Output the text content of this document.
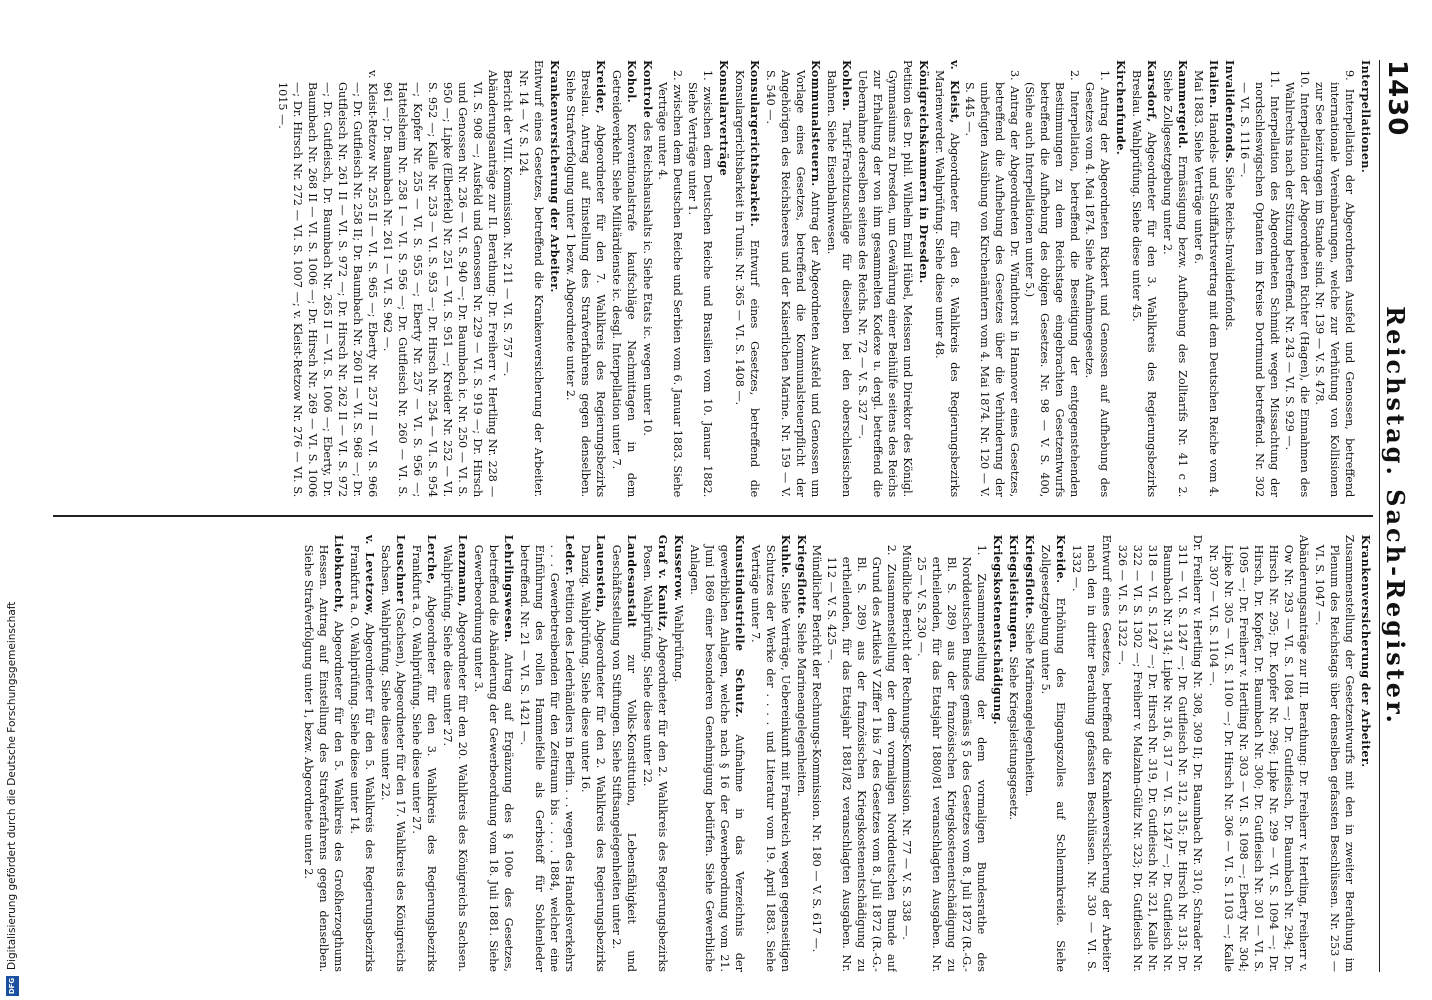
1430
Reichstag. Sach-Register.

Interpellationen.

9. Interpellation der Abgeordneten Ausfeld und Genossen, betreffend internationale Vereinbarungen, welche zur Verhütung von Kollisionen zur See beizutragen im Stande sind. Nr. 139 — V. S. 478.

10. Interpellation der Abgeordneten Richter (Hagen), die Einnahmen des Wahlrechts nach der Sitzung betreffend. Nr. 243 — VI. S. 929 —.

11. Interpellation des Abgeordneten Schmidt wegen Missachtung der nordschleswigschen Optanten im Kreise Dortmund betreffend. Nr. 302 — VI. S. 1116 —.

Invalidenfonds. Siehe Reichs-Invalidenfonds.

Italien. Handels- und Schiffahrtsvertrag mit dem Deutschen Reiche vom 4. Mai 1883. Siehe Verträge unter 6.

Kammergeld. Ermässigung bezw. Aufhebung des Zolltarifs Nr. 41 c 2. Siehe Zollgesetzgebung unter 2.

Karsdorf, Abgeordneter für den 3. Wahlkreis des Regierungsbezirks Breslau. Wahlprüfung. Siehe diese unter 45.

Kirchenfunde.

1. Antrag der Abgeordneten Rickert und Genossen auf Aufhebung des Gesetzes vom 4. Mai 1874. Siehe Aufnahmegesetze.

2. Interpellation, betreffend die Beseitigung der entgegenstehenden Bestimmungen zu dem Reichstage eingebrachten Gesetzentwurfs betreffend die Aufhebung des obigen Gesetzes. Nr. 98 — V. S. 400, (Siehe auch Interpellationen unter 5.)

3. Antrag der Abgeordneten Dr. Windthorst in Hannover eines Gesetzes, betreffend die Aufhebung des Gesetzes über die Verhinderung der unbefugten Ausübung von Kirchenämtern vom 4. Mai 1874. Nr. 120 — V. S. 445 —.

v. Kleist, Abgeordneter für den 8. Wahlkreis des Regierungsbezirks Marienwerder. Wahlprüfung. Siehe diese unter 48.

Königreichskammern in Dresden.

Petition des Dr. phil. Wilhelm Emil Hübel, Meissen und Direktor des Königl. Gymnasiums zu Dresden, um Gewährung einer Beihülfe seitens des Reichs zur Erhaltung der von ihm gesammelten Kodexe u. dergl. betreffend die Uebernahme derselben seitens des Reichs. Nr. 72 — V. S. 327 —.

Kohlen. Tarif-Frachtzuschläge für dieselben bei den oberschlesischen Bahnen. Siehe Eisenbahnwesen.

Kommunalsteuern. Antrag der Abgeordneten Ausfeld und Genossen um Vorlage eines Gesetzes, betreffend die Kommunalsteuerpflicht der Angehörigen des Reichsheeres und der Kaiserlichen Marine. Nr. 159 — V. S. 540 —.

Konsulargerichtsbarkeit. Entwurf eines Gesetzes, betreffend die Konsulargerichtsbarkeit in Tunis. Nr. 365 — VI. S. 1408 —.

Konsularverträge

1. zwischen dem Deutschen Reiche und Brasilien vom 10. Januar 1882. Siehe Verträge unter 1.

2. zwischen dem Deutschen Reiche und Serbien vom 6. Januar 1883. Siehe Verträge unter 4.

Kontrole des Reichshaushalts ic. Siehe Etats ic. wegen unter 10.

Kohol. Konventionalstrafe kaufschläge Nachmittagen in dem Getreideverkehr. Siehe Militärdienste ic. desgl. Interpellation unter 7.

Kreider, Abgeordneter für den 7. Wahlkreis des Regierungsbezirks Breslau. Antrag auf Einstellung des Strafverfahrens gegen denselben. Siehe Strafverfolgung unter 1 bezw. Abgeordnete unter 2.

Krankenversicherung der Arbeiter.

Entwurf eines Gesetzes, betreffend die Krankenversicherung der Arbeiter. Nr. 14 — V. S. 124.

Bericht der VIII. Kommission. Nr. 211 — VI. S. 757 —.

Abänderungsanträge zur II. Berathung: Dr. Freiherr v. Hertling Nr. 228 — VI. S. 908 —; Ausfeld und Genossen Nr. 229 — VI. S. 919 —; Dr. Hirsch und Genossen Nr. 236 — VI. S. 940 —; Dr. Baumbach ic. Nr. 250 — VI. S. 950 —; Lipke (Elberfeld) Nr. 251 — VI. S. 951 —; Kreider Nr. 252 — VI. S. 952 —; Kalle Nr. 253 — VI. S. 953 —; Dr. Hirsch Nr. 254 — VI. S. 954 —; Kopfer Nr. 255 — VI. S. 955 —; Eberty Nr. 257 — VI. S. 956 —; Hattelsheim Nr. 258 I — VI. S. 956 —; Dr. Gutfleisch Nr. 260 — VI. S. 961 —; Dr. Baumbach Nr. 261 I — VI. S. 962 —.

v. Kleist-Retzow Nr. 255 II — VI. S. 965 —; Eberty Nr. 257 II — VI. S. 966 —; Dr. Gutfleisch Nr. 258 II; Dr. Baumbach Nr. 260 II — VI. S. 968 —; Dr. Gutfleisch Nr. 261 II — VI. S. 972 —; Dr. Hirsch Nr. 262 II — VI. S. 972 —; Dr. Gutfleisch, Dr. Baumbach Nr. 265 II — VI. S. 1006 —; Eberty, Dr. Baumbach Nr. 268 II — VI. S. 1006 —; Dr. Hirsch Nr. 269 — VI. S. 1006 —; Dr. Hirsch Nr. 272 — VI. S. 1007 —; v. Kleist-Retzow Nr. 276 — VI. S. 1015 —.

Krankenversicherung der Arbeiter.

Zusammenstellung der Gesetzentwurfs mit den in zweiter Berathung im Plenum des Reichstags über denselben gefassten Beschlüssen. Nr. 253 — VI. S. 1047 —.

Abänderungsanträge zur III. Berathung: Dr. Freiherr v. Hertling, Freiherr v. Ow Nr. 293 — VI. S. 1084 —; Dr. Gutfleisch, Dr. Baumbach Nr. 294; Dr. Hirsch Nr. 295; Dr. Kopfer Nr. 296; Lipke Nr. 299 — VI. S. 1094 —; Dr. Hirsch, Dr. Kopfer, Dr. Baumbach Nr. 300; Dr. Gutfleisch Nr. 301 — VI. S. 1095 —; Dr. Freiherr v. Hertling Nr. 303 — VI. S. 1098 —; Eberty Nr. 304; Lipke Nr. 305 — VI. S. 1100 —; Dr. Hirsch Nr. 306 — VI. S. 1103 —; Kalle Nr. 307 — VI. S. 1104 —.

Dr. Freiherr v. Hertling Nr. 308, 309 II; Dr. Baumbach Nr. 310; Schrader Nr. 311 — VI. S. 1247 —; Dr. Gutfleisch Nr. 312, 315; Dr. Hirsch Nr. 313; Dr. Baumbach Nr. 314; Lipke Nr. 316, 317 — VI. S. 1247 —; Dr. Gutfleisch Nr. 318 — VI. S. 1247 —; Dr. Hirsch Nr. 319, Dr. Gutfleisch Nr. 321, Kalle Nr. 322 — VI. S. 1302 —; Freiherr v. Malzahn-Gültz Nr. 323; Dr. Gutfleisch Nr. 326 — VI. S. 1322 —.

Entwurf eines Gesetzes, betreffend die Krankenversicherung der Arbeiter nach den in dritter Berathung gefassten Beschlüssen. Nr. 330 — VI. S. 1332 —.

Kreide. Erhöhung des Eingangszolles auf Schlemmkreide. Siehe Zollgesetzgebung unter 5.

Kriegsflotte. Siehe Marineangelegenheiten.

Kriegsleistungen. Siehe Kriegsleistungsgesetz.

Kriegskostenentschädigung.

1. Zusammenstellung der dem vormaligen Bundesrathe des Norddeutschen Bundes gemäss § 5 des Gesetzes vom 8. Juli 1872 (R.-G.-Bl. S. 289) aus der französischen Kriegskostenentschädigung zu ertheilenden, für das Etatsjahr 1880/81 veranschlagten Ausgaben. Nr. 25 — V. S. 230 —.

Mündliche Bericht der Rechnungs-Kommission. Nr. 77 — V. S. 338 —.

2. Zusammenstellung der dem vormaligen Norddeutschen Bunde auf Grund des Artikels V Ziffer 1 bis 7 des Gesetzes vom 8. Juli 1872 (R.-G.-Bl. S. 289) aus der französischen Kriegskostenentschädigung zu ertheilenden, für das Etatsjahr 1881/82 veranschlagten Ausgaben. Nr. 112 — V. S. 425 —.

Mündlicher Bericht der Rechnungs-Kommission. Nr. 180 — V. S. 617 —.

Kriegsflotte. Siehe Marineangelegenheiten.

Kuhle. Siehe Verträge, Uebereinkunft mit Frankreich wegen gegenseitigen Schutzes der Werke der . . . . und Literatur vom 19. April 1883. Siehe Verträge unter 7.

Kunstindustrielle Schutz. Aufnahme in das Verzeichnis der gewerblichen Anlagen, welche nach § 16 der Gewerbeordnung vom 21. Juni 1869 einer besonderen Genehmigung bedürfen. Siehe Gewerbliche Anlagen.

Kusserow. Wahlprüfung.

Graf v. Kanitz, Abgeordneter für den 2. Wahlkreis des Regierungsbezirks Posen. Wahlprüfung. Siehe diese unter 22.

Landesanstalt zur Volks-Konstitution, Lebensfähigkeit und Geschäftsstellung von Stiftungen. Siehe Stiftsangelegenheiten unter 2.

Lauenstein, Abgeordneter für den 2. Wahlkreis des Regierungsbezirks Danzig. Wahlprüfung. Siehe diese unter 16.

Leder. Petition des Lederhändlers in Berlin . . . wegen des Handelsverkehrs . . . Gewerbetreibenden für den Zeitraum bis . . . . 1884, welcher eine Einführung des rollen Hammelfelle als Gerbstoff für Sohlenleder betreffend. Nr. 21 — VI. S. 1421 —.

Lehrlingswesen. Antrag auf Ergänzung des § 100e des Gesetzes, betreffend die Abänderung der Gewerbeordnung vom 18. Juli 1881. Siehe Gewerbeordnung unter 3.

Lenzmann, Abgeordneter für den 20. Wahlkreis des Königreichs Sachsen. Wahlprüfung. Siehe diese unter 27.

Lerche, Abgeordneter für den 3. Wahlkreis des Regierungsbezirks Frankfurt a. O. Wahlprüfung. Siehe diese unter 27.

Leuschner (Sachsen), Abgeordneter für den 17. Wahlkreis des Königreichs Sachsen. Wahlprüfung. Siehe diese unter 22.

v. Levetzow, Abgeordneter für den 5. Wahlkreis des Regierungsbezirks Frankfurt a. O. Wahlprüfung. Siehe diese unter 14.

Liebknecht, Abgeordneter für den 5. Wahlkreis des Großherzogthums Hessen. Antrag auf Einstellung des Strafverfahrens gegen denselben. Siehe Strafverfolgung unter 1, bezw. Abgeordnete unter 2.

DFG
Digitalisierung gefördert durch die Deutsche Forschungsgemeinschaft
